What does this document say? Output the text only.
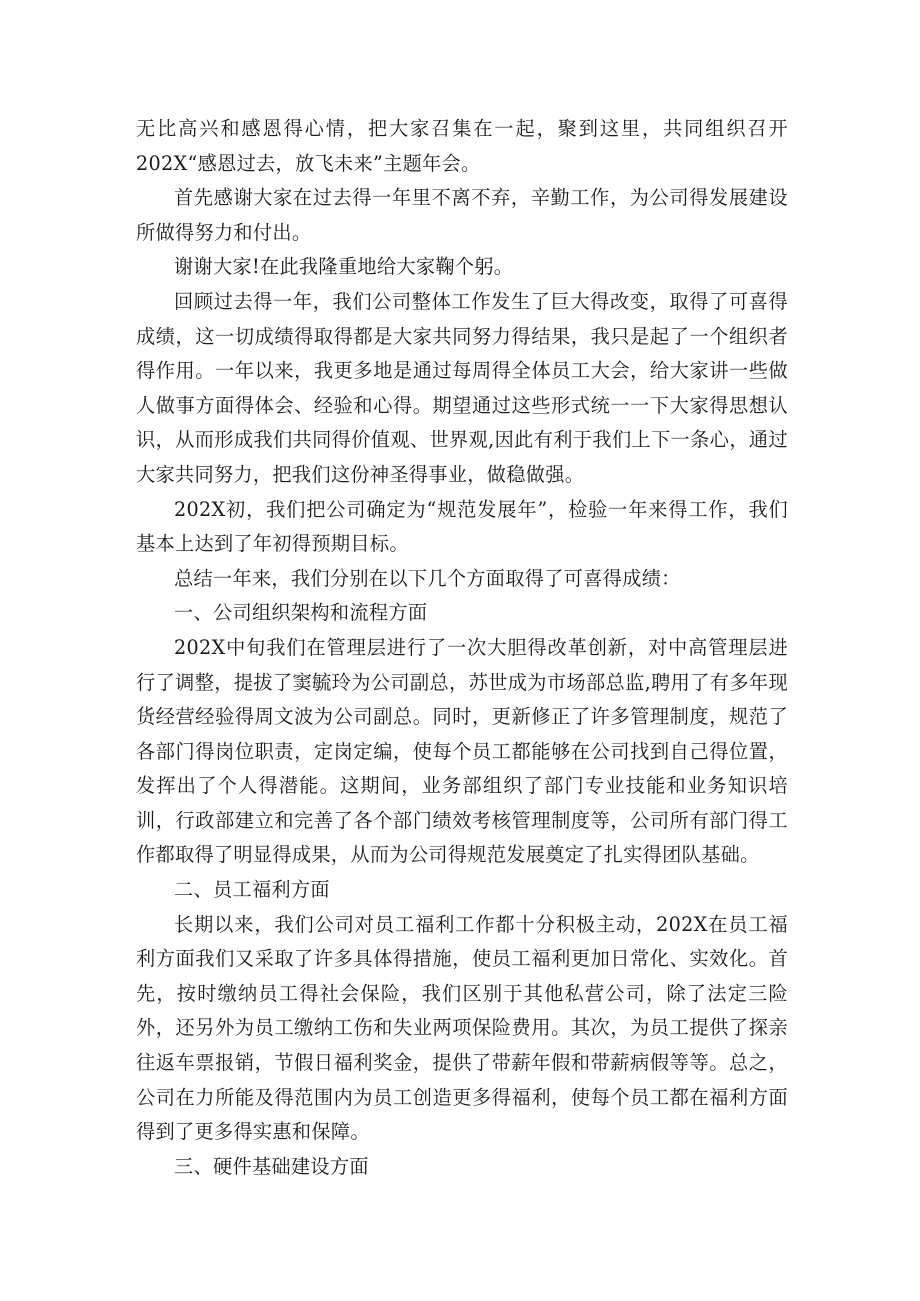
无比高兴和感恩得心情，把大家召集在一起，聚到这里，共同组织召开202X“感恩过去，放飞未来”主题年会。

首先感谢大家在过去得一年里不离不弃，辛勤工作，为公司得发展建设所做得努力和付出。

谢谢大家!在此我隆重地给大家鞠个躬。

回顾过去得一年，我们公司整体工作发生了巨大得改变，取得了可喜得成绩，这一切成绩得取得都是大家共同努力得结果，我只是起了一个组织者得作用。一年以来，我更多地是通过每周得全体员工大会，给大家讲一些做人做事方面得体会、经验和心得。期望通过这些形式统一一下大家得思想认识，从而形成我们共同得价值观、世界观,因此有利于我们上下一条心，通过大家共同努力，把我们这份神圣得事业，做稳做强。

202X初，我们把公司确定为“规范发展年”，检验一年来得工作，我们基本上达到了年初得预期目标。

总结一年来，我们分别在以下几个方面取得了可喜得成绩：

一、公司组织架构和流程方面

202X中旬我们在管理层进行了一次大胆得改革创新，对中高管理层进行了调整，提拔了窦毓玲为公司副总，苏世成为市场部总监,聘用了有多年现货经营经验得周文波为公司副总。同时，更新修正了许多管理制度，规范了各部门得岗位职责，定岗定编，使每个员工都能够在公司找到自己得位置，发挥出了个人得潜能。这期间，业务部组织了部门专业技能和业务知识培训，行政部建立和完善了各个部门绩效考核管理制度等，公司所有部门得工作都取得了明显得成果，从而为公司得规范发展奠定了扎实得团队基础。

二、员工福利方面

长期以来，我们公司对员工福利工作都十分积极主动，202X在员工福利方面我们又采取了许多具体得措施，使员工福利更加日常化、实效化。首先，按时缴纳员工得社会保险，我们区别于其他私营公司，除了法定三险外，还另外为员工缴纳工伤和失业两项保险费用。其次，为员工提供了探亲往返车票报销，节假日福利奖金，提供了带薪年假和带薪病假等等。总之，公司在力所能及得范围内为员工创造更多得福利，使每个员工都在福利方面得到了更多得实惠和保障。

三、硬件基础建设方面
